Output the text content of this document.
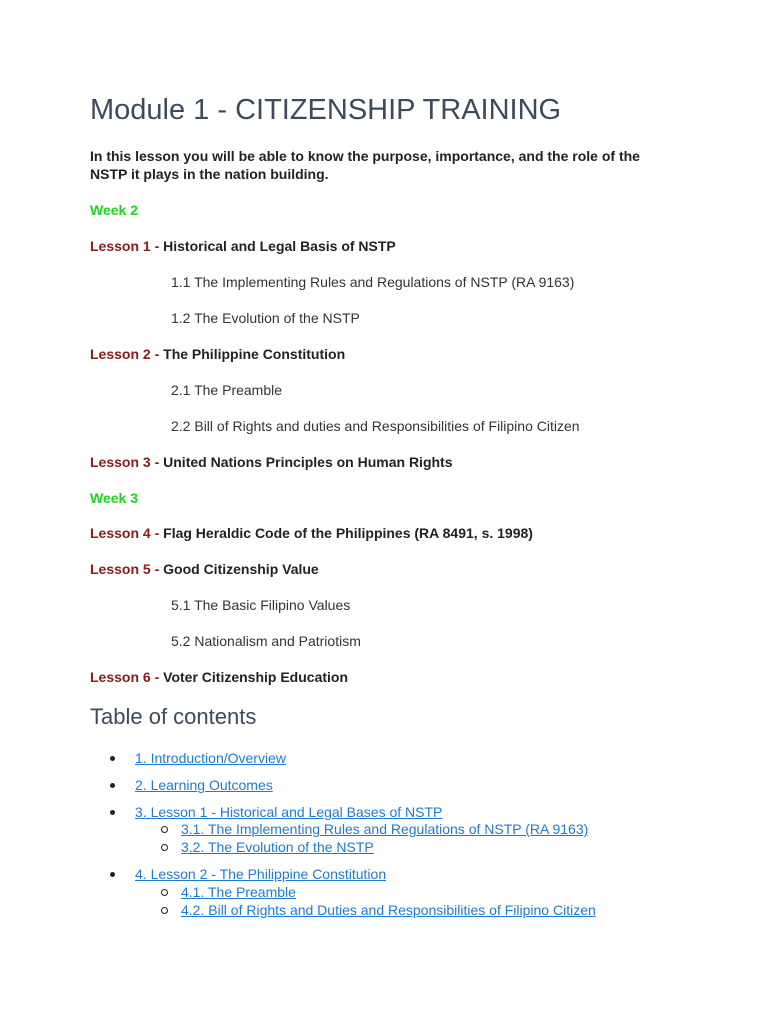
Module 1 - CITIZENSHIP TRAINING
In this lesson you will be able to know the purpose, importance, and the role of the NSTP it plays in the nation building.
Week 2
Lesson 1 - Historical and Legal Basis of NSTP
1.1 The Implementing Rules and Regulations of NSTP (RA 9163)
1.2 The Evolution of the NSTP
Lesson 2 - The Philippine Constitution
2.1 The Preamble
2.2 Bill of Rights and duties and Responsibilities of Filipino Citizen
Lesson 3 - United Nations Principles on Human Rights
Week 3
Lesson 4 - Flag Heraldic Code of the Philippines (RA 8491, s. 1998)
Lesson 5 - Good Citizenship Value
5.1 The Basic Filipino Values
5.2 Nationalism and Patriotism
Lesson 6 - Voter Citizenship Education
Table of contents
1. Introduction/Overview
2. Learning Outcomes
3. Lesson 1 - Historical and Legal Bases of NSTP
3.1. The Implementing Rules and Regulations of NSTP (RA 9163)
3.2. The Evolution of the NSTP
4. Lesson 2 - The Philippine Constitution
4.1. The Preamble
4.2. Bill of Rights and Duties and Responsibilities of Filipino Citizen
